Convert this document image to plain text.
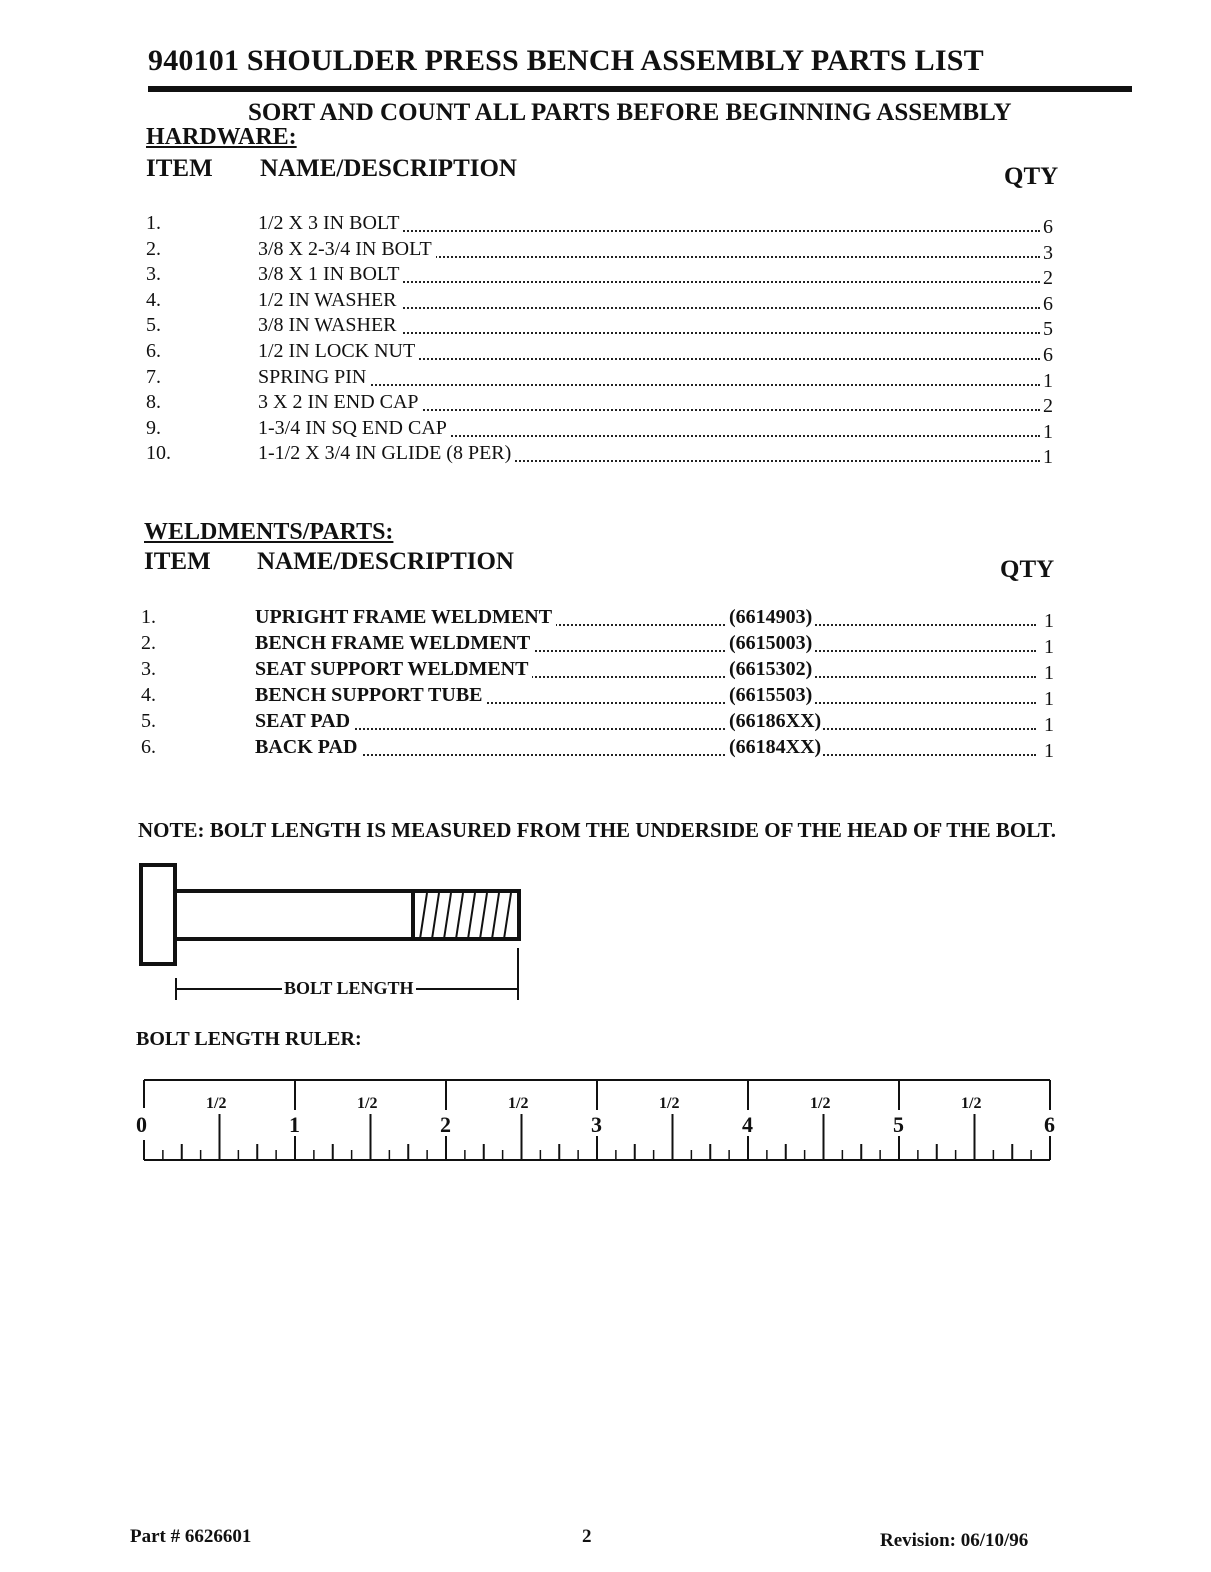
940101 SHOULDER PRESS BENCH ASSEMBLY PARTS LIST
SORT AND COUNT ALL PARTS BEFORE BEGINNING ASSEMBLY
HARDWARE:
ITEM NAME/DESCRIPTION	QTY
1.	1/2 X 3 IN BOLT	6
2.	3/8 X 2-3/4 IN BOLT	3
3.	3/8 X 1 IN BOLT	2
4.	1/2 IN WASHER	6
5.	3/8 IN WASHER	5
6.	1/2 IN LOCK NUT	6
7.	SPRING PIN	1
8.	3 X 2 IN END CAP	2
9.	1-3/4 IN SQ END CAP	1
10.	1-1/2 X 3/4 IN GLIDE (8 PER)	1
WELDMENTS/PARTS:
ITEM NAME/DESCRIPTION	QTY
1.	UPRIGHT FRAME WELDMENT	(6614903)	1
2.	BENCH FRAME WELDMENT	(6615003)	1
3.	SEAT SUPPORT WELDMENT	(6615302)	1
4.	BENCH SUPPORT TUBE	(6615503)	1
5.	SEAT PAD	(66186XX)	1
6.	BACK PAD	(66184XX)	1
NOTE: BOLT LENGTH IS MEASURED FROM THE UNDERSIDE OF THE HEAD OF THE BOLT.
BOLT LENGTH
BOLT LENGTH RULER:
0
1/2
1
1/2
2
1/2
3
1/2
4
1/2
5
1/2
6
Part # 6626601	2	Revision: 06/10/96
